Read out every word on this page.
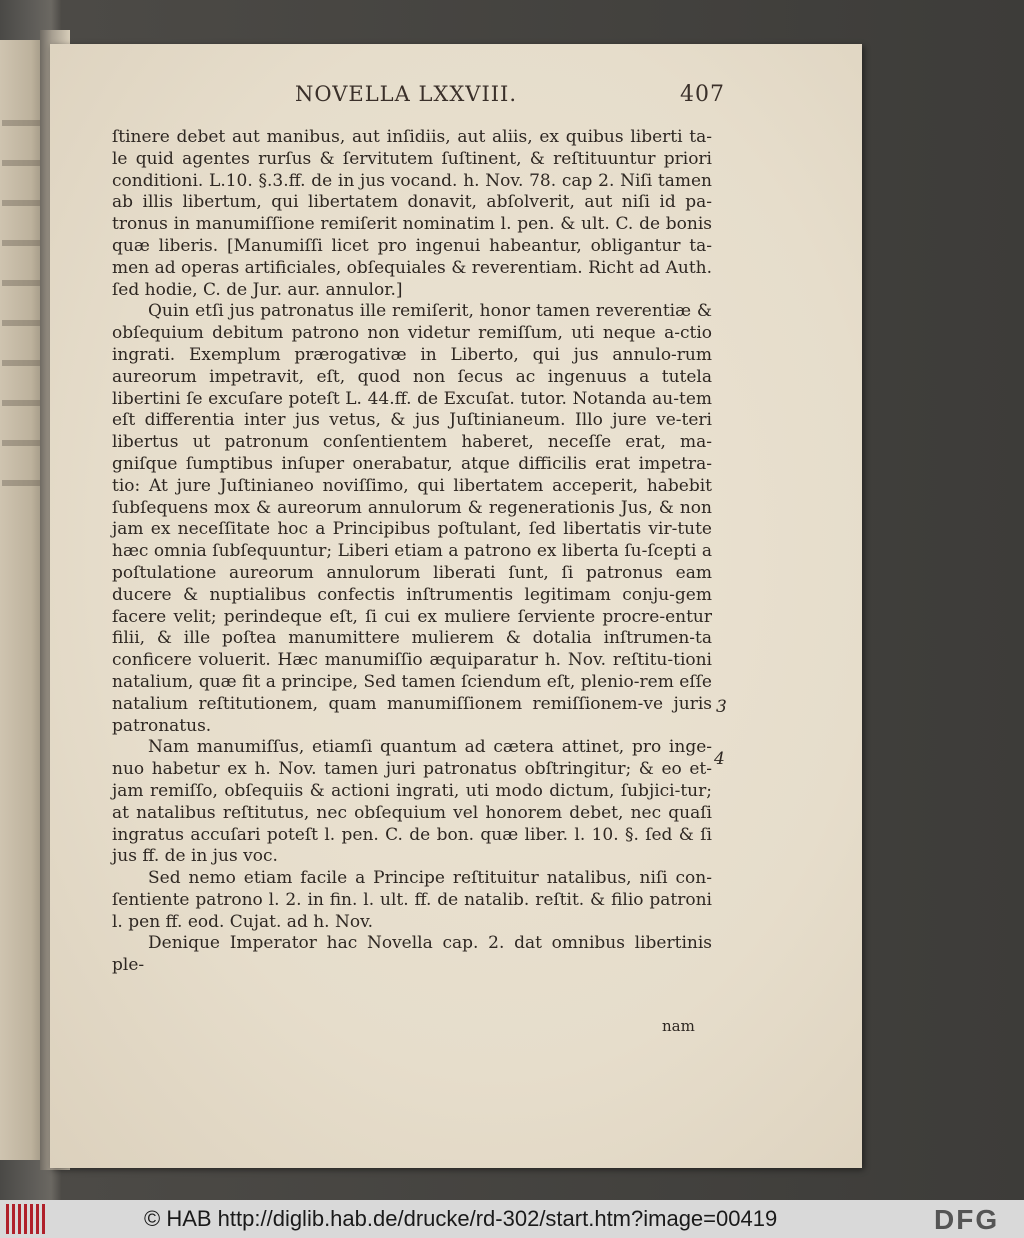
NOVELLA LXXVIII.	407

ſtinere debet aut manibus, aut inſidiis, aut aliis, ex quibus liberti ta-le quid agentes rurſus & ſervitutem ſuſtinent, & reſtituuntur priori conditioni. L.10. §.3.ff. de in jus vocand. h. Nov. 78. cap 2. Niſi tamen ab illis libertum, qui libertatem donavit, abſolverit, aut niſi id pa-tronus in manumiſſione remiſerit nominatim l. pen. & ult. C. de bonis quæ liberis. [Manumiſſi licet pro ingenui habeantur, obligantur ta-men ad operas artificiales, obſequiales & reverentiam. Richt ad Auth. ſed hodie, C. de Jur. aur. annulor.]

Quin etſi jus patronatus ille remiſerit, honor tamen reverentiæ & obſequium debitum patrono non videtur remiſſum, uti neque a-ctio ingrati. Exemplum prærogativæ in Liberto, qui jus annulo-rum aureorum impetravit, eſt, quod non ſecus ac ingenuus a tutela libertini ſe excuſare poteſt L. 44.ff. de Excuſat. tutor. Notanda au-tem eſt differentia inter jus vetus, & jus Juſtinianeum. Illo jure ve-teri libertus ut patronum conſentientem haberet, neceſſe erat, ma-gniſque ſumptibus inſuper onerabatur, atque difficilis erat impetra-tio: At jure Juſtinianeo noviſſimo, qui libertatem acceperit, habebit ſubſequens mox & aureorum annulorum & regenerationis Jus, & non jam ex neceſſitate hoc a Principibus poſtulant, ſed libertatis vir-tute hæc omnia ſubſequuntur; Liberi etiam a patrono ex liberta ſu-ſcepti a poſtulatione aureorum annulorum liberati ſunt, ſi patronus eam ducere & nuptialibus confectis inſtrumentis legitimam conju-gem facere velit; perindeque eſt, ſi cui ex muliere ſerviente procre-entur filii, & ille poſtea manumittere mulierem & dotalia inſtrumen-ta conficere voluerit. Hæc manumiſſio æquiparatur h. Nov. reſtitu-tioni natalium, quæ fit a principe, Sed tamen ſciendum eſt, plenio-rem eſſe natalium reſtitutionem, quam manumiſſionem remiſſionem-ve juris patronatus.

Nam manumiſſus, etiamſi quantum ad cætera attinet, pro inge-nuo habetur ex h. Nov. tamen juri patronatus obſtringitur; & eo et-jam remiſſo, obſequiis & actioni ingrati, uti modo dictum, ſubjici-tur; at natalibus reſtitutus, nec obſequium vel honorem debet, nec quaſi ingratus accuſari poteſt l. pen. C. de bon. quæ liber. l. 10. §. ſed & ſi jus ff. de in jus voc.

Sed nemo etiam facile a Principe reſtituitur natalibus, niſi con-ſentiente patrono l. 2. in fin. l. ult. ff. de natalib. reſtit. & filio patroni l. pen ff. eod. Cujat. ad h. Nov.

Denique Imperator hac Novella cap. 2. dat omnibus libertinis ple-

nam
3
4
© HAB http://diglib.hab.de/drucke/rd-302/start.htm?image=00419	DFG
